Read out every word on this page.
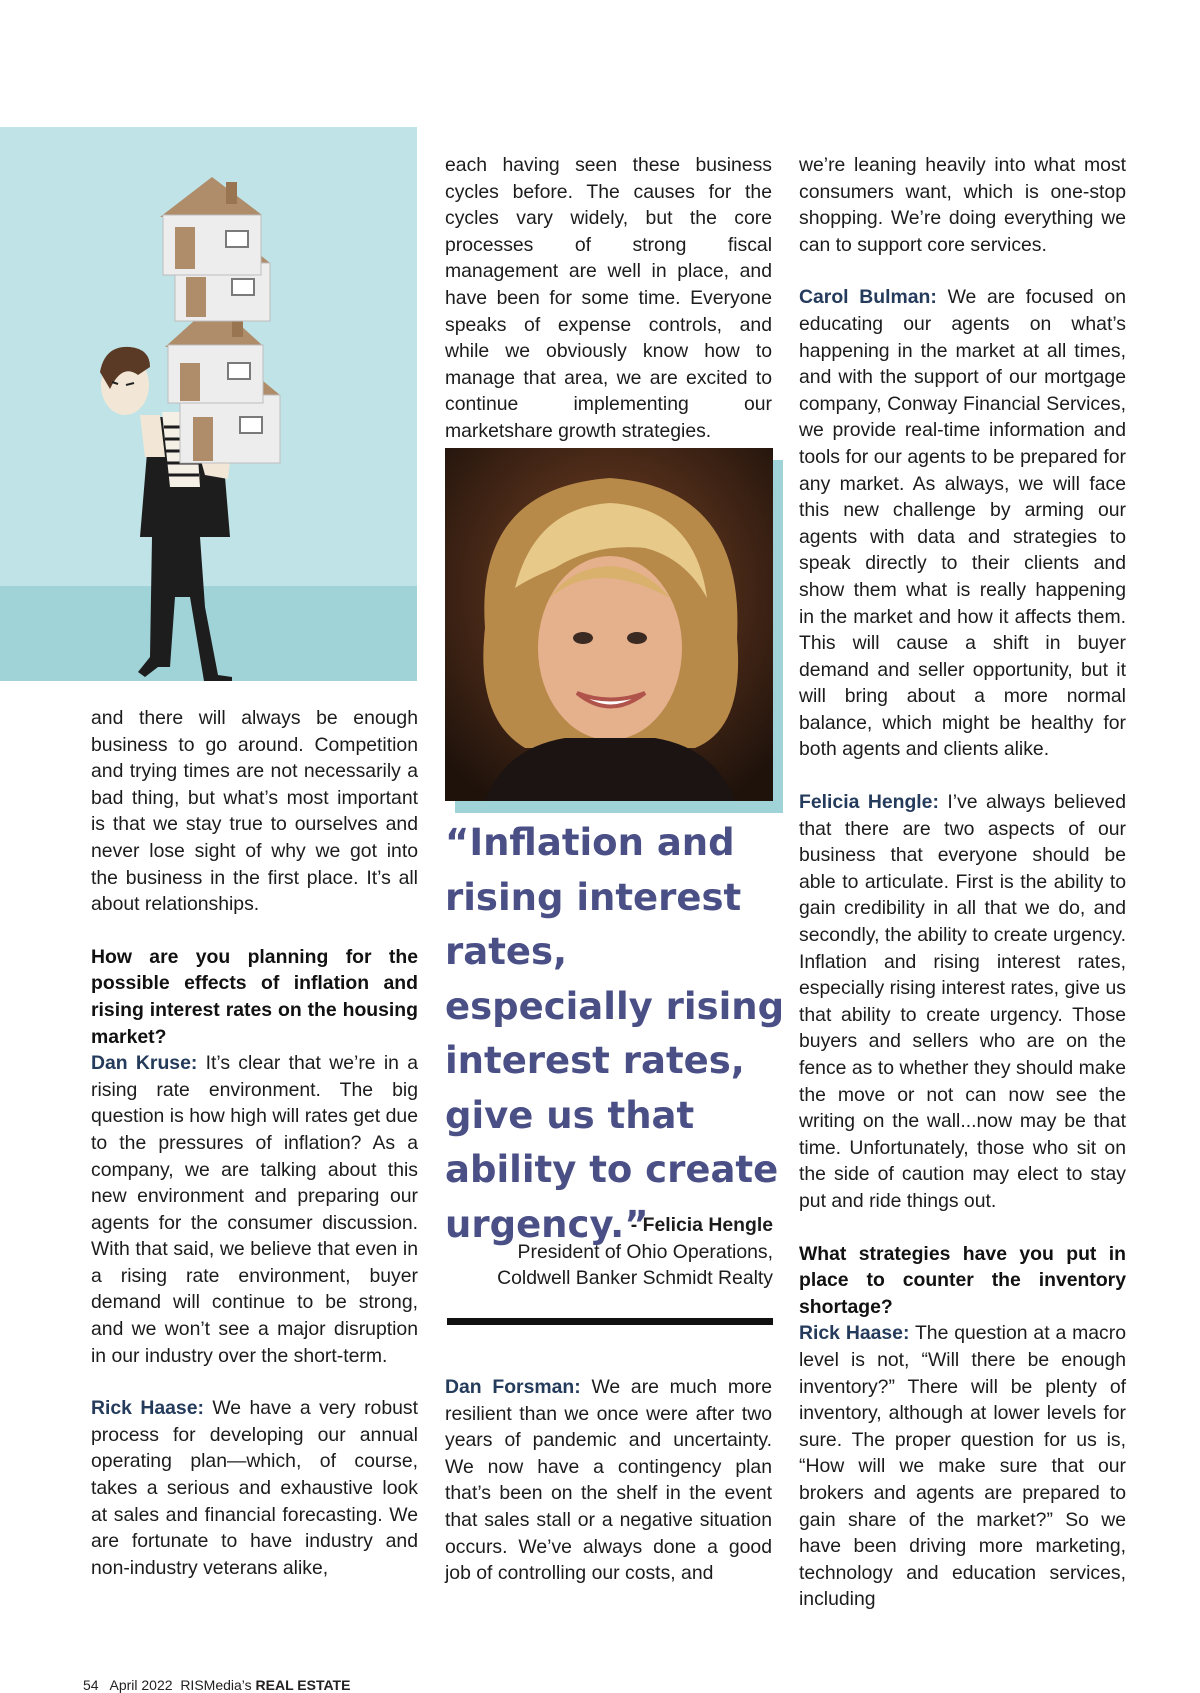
and there will always be enough business to go around. Competition and trying times are not necessarily a bad thing, but what’s most important is that we stay true to ourselves and never lose sight of why we got into the business in the first place. It’s all about relationships.

How are you planning for the possible effects of inflation and rising interest rates on the housing market?

Dan Kruse: It’s clear that we’re in a rising rate environment. The big question is how high will rates get due to the pressures of inflation? As a company, we are talking about this new environment and preparing our agents for the consumer discussion. With that said, we believe that even in a rising rate environment, buyer demand will continue to be strong, and we won’t see a major disruption in our industry over the short-term.

Rick Haase: We have a very robust process for developing our annual operating plan—which, of course, takes a serious and exhaustive look at sales and financial forecasting. We are fortunate to have industry and non-industry veterans alike,

each having seen these business cycles before. The causes for the cycles vary widely, but the core processes of strong fiscal management are well in place, and have been for some time. Everyone speaks of expense controls, and while we obviously know how to manage that area, we are excited to continue implementing our marketshare growth strategies.

“Inflation and rising interest rates, especially rising interest rates, give us that ability to create urgency.”
- Felicia Hengle
President of Ohio Operations,
Coldwell Banker Schmidt Realty

Dan Forsman: We are much more resilient than we once were after two years of pandemic and uncertainty. We now have a contingency plan that’s been on the shelf in the event that sales stall or a negative situation occurs. We’ve always done a good job of controlling our costs, and

we’re leaning heavily into what most consumers want, which is one-stop shopping. We’re doing everything we can to support core services.

Carol Bulman: We are focused on educating our agents on what’s happening in the market at all times, and with the support of our mortgage company, Conway Financial Services, we provide real-time information and tools for our agents to be prepared for any market. As always, we will face this new challenge by arming our agents with data and strategies to speak directly to their clients and show them what is really happening in the market and how it affects them. This will cause a shift in buyer demand and seller opportunity, but it will bring about a more normal balance, which might be healthy for both agents and clients alike.

Felicia Hengle: I’ve always believed that there are two aspects of our business that everyone should be able to articulate. First is the ability to gain credibility in all that we do, and secondly, the ability to create urgency. Inflation and rising interest rates, especially rising interest rates, give us that ability to create urgency. Those buyers and sellers who are on the fence as to whether they should make the move or not can now see the writing on the wall...now may be that time. Unfortunately, those who sit on the side of caution may elect to stay put and ride things out.

What strategies have you put in place to counter the inventory shortage?

Rick Haase: The question at a macro level is not, “Will there be enough inventory?” There will be plenty of inventory, although at lower levels for sure. The proper question for us is, “How will we make sure that our brokers and agents are prepared to gain share of the market?” So we have been driving more marketing, technology and education services, including

54 April 2022 RISMedia’s REAL ESTATE
